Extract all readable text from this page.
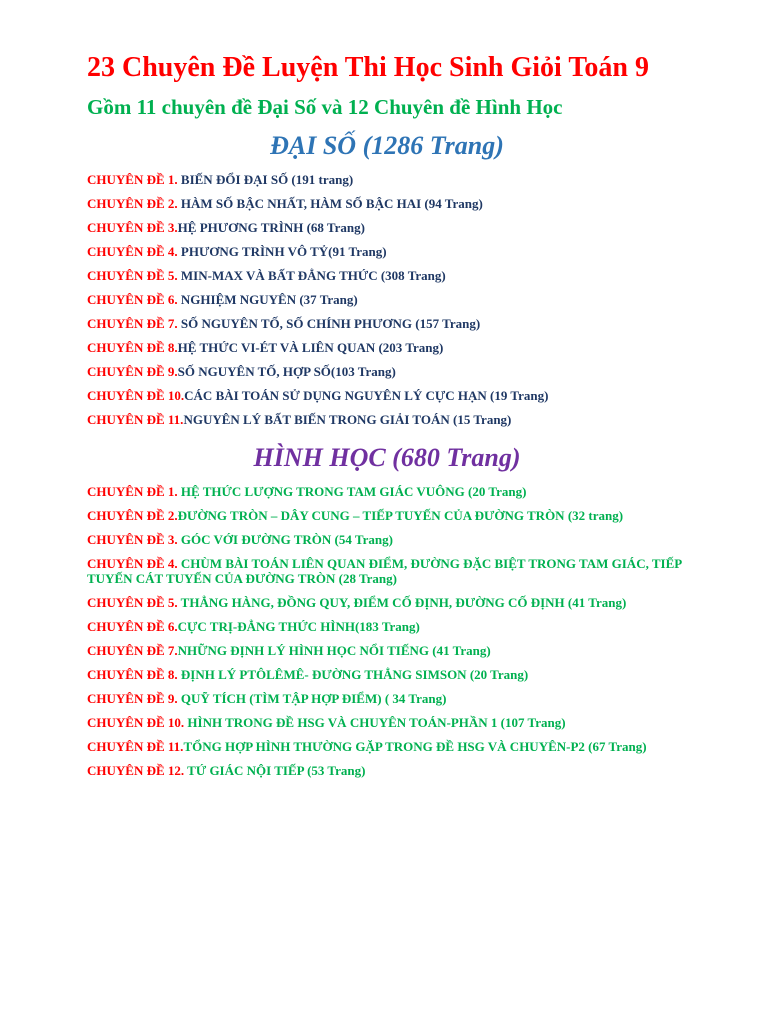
23 Chuyên Đề Luyện Thi Học Sinh Giỏi Toán 9
Gồm 11 chuyên đề Đại Số và 12 Chuyên đề Hình Học
ĐẠI SỐ (1286 Trang)
CHUYÊN ĐỀ 1. BIẾN ĐỔI ĐẠI SỐ (191 trang)
CHUYÊN ĐỀ 2. HÀM SỐ BẬC NHẤT, HÀM SỐ BẬC HAI (94 Trang)
CHUYÊN ĐỀ 3.HỆ PHƯƠNG TRÌNH (68 Trang)
CHUYÊN ĐỀ 4. PHƯƠNG TRÌNH VÔ TỶ(91 Trang)
CHUYÊN ĐỀ 5. MIN-MAX VÀ BẤT ĐẲNG THỨC (308 Trang)
CHUYÊN ĐỀ 6. NGHIỆM NGUYÊN (37 Trang)
CHUYÊN ĐỀ 7. SỐ NGUYÊN TỐ, SỐ CHÍNH PHƯƠNG (157 Trang)
CHUYÊN ĐỀ 8.HỆ THỨC VI-ÉT VÀ LIÊN QUAN (203 Trang)
CHUYÊN ĐỀ 9.SỐ NGUYÊN TỐ, HỢP SỐ(103 Trang)
CHUYÊN ĐỀ 10.CÁC BÀI TOÁN SỬ DỤNG NGUYÊN LÝ CỰC HẠN (19 Trang)
CHUYÊN ĐỀ 11.NGUYÊN LÝ BẤT BIẾN TRONG GIẢI TOÁN (15 Trang)
HÌNH HỌC (680 Trang)
CHUYÊN ĐỀ 1. HỆ THỨC LƯỢNG TRONG TAM GIÁC VUÔNG (20 Trang)
CHUYÊN ĐỀ 2.ĐƯỜNG TRÒN – DÂY CUNG – TIẾP TUYẾN CỦA ĐƯỜNG TRÒN (32 trang)
CHUYÊN ĐỀ 3. GÓC VỚI ĐƯỜNG TRÒN (54 Trang)
CHUYÊN ĐỀ 4. CHÙM BÀI TOÁN LIÊN QUAN ĐIỂM, ĐƯỜNG ĐẶC BIỆT TRONG TAM GIÁC, TIẾP TUYẾN CÁT TUYẾN CỦA ĐƯỜNG TRÒN (28 Trang)
CHUYÊN ĐỀ 5. THẲNG HÀNG, ĐỒNG QUY, ĐIỂM CỐ ĐỊNH, ĐƯỜNG CỐ ĐỊNH (41 Trang)
CHUYÊN ĐỀ 6.CỰC TRỊ-ĐẲNG THỨC HÌNH(183 Trang)
CHUYÊN ĐỀ 7.NHỮNG ĐỊNH LÝ HÌNH HỌC NỔI TIẾNG (41 Trang)
CHUYÊN ĐỀ 8. ĐỊNH LÝ PTÔLÊMÊ- ĐƯỜNG THẲNG SIMSON (20 Trang)
CHUYÊN ĐỀ 9. QUỸ TÍCH (TÌM TẬP HỢP ĐIỂM) ( 34 Trang)
CHUYÊN ĐỀ 10. HÌNH TRONG ĐỀ HSG VÀ CHUYÊN TOÁN-PHẦN 1 (107 Trang)
CHUYÊN ĐỀ 11.TỔNG HỢP HÌNH THƯỜNG GẶP TRONG ĐỀ HSG VÀ CHUYÊN-P2 (67 Trang)
CHUYÊN ĐỀ 12. TỨ GIÁC NỘI TIẾP (53 Trang)
